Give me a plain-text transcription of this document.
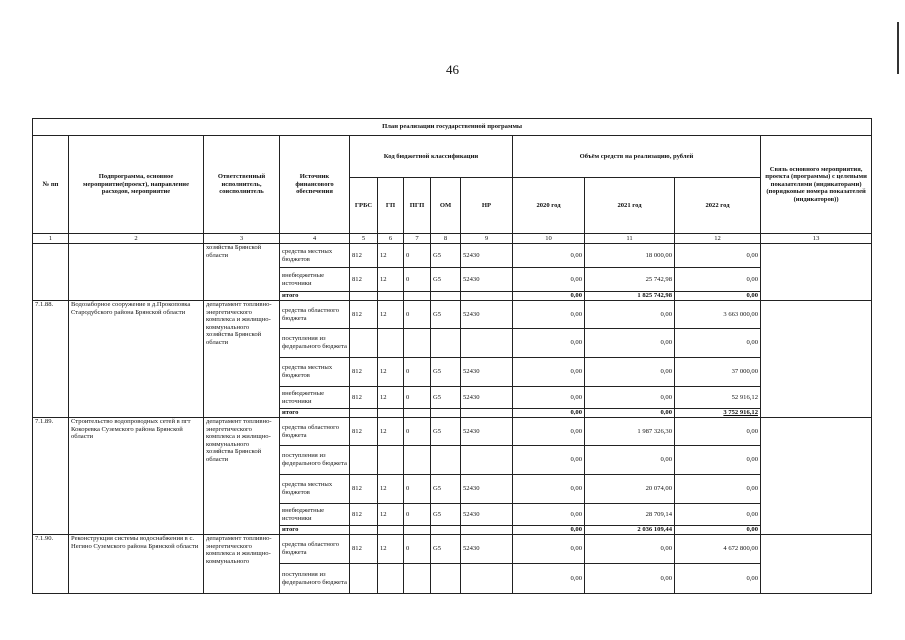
46
План реализации государственной программы												
№ пп	Подпрограмма, основное мероприятие(проект), направление расходов, мероприятие	Ответственный исполнитель, соисполнитель	Источник финансового обеспечения	Код бюджетной классификации					Объём средств на реализацию, рублей			Связь основного мероприятия, проекта (программы) с целевыми показателями (индикаторами) (порядковые номера показателей (индикаторов))
				ГРБС	ГП	ПГП	ОМ	НР	2020 год	2021 год	2022 год	
1	2	3	4	5	6	7	8	9	10	11	12	13
		хозяйства Брянской области	средства местных бюджетов	812	12	0	G5	52430	0,00	18 000,00	0,00	
			внебюджетные источники	812	12	0	G5	52430	0,00	25 742,98	0,00	
			итого						0,00	1 825 742,98	0,00	
7.1.88.	Водозаборное сооружение в д.Прокоповка Стародубского района Брянской области	департамент топливно-энергетического комплекса и жилищно-коммунального хозяйства Брянской области	средства областного бюджета	812	12	0	G5	52430	0,00	0,00	3 663 000,00	
			поступления из федерального бюджета						0,00	0,00	0,00	
			средства местных бюджетов	812	12	0	G5	52430	0,00	0,00	37 000,00	
			внебюджетные источники	812	12	0	G5	52430	0,00	0,00	52 916,12	
			итого						0,00	0,00	3 752 916,12	
7.1.89.	Строительство водопроводных сетей в пгт Кокоревка Суземского района Брянской области	департамент топливно-энергетического комплекса и жилищно-коммунального хозяйства Брянской области	средства областного бюджета	812	12	0	G5	52430	0,00	1 987 326,30	0,00	
			поступления из федерального бюджета						0,00	0,00	0,00	
			средства местных бюджетов	812	12	0	G5	52430	0,00	20 074,00	0,00	
			внебюджетные источники	812	12	0	G5	52430	0,00	28 709,14	0,00	
			итого						0,00	2 036 109,44	0,00	
7.1.90.	Реконструкция системы водоснабжения в с. Негино Суземского района Брянской области	департамент топливно-энергетического комплекса и жилищно-коммунального	средства областного бюджета	812	12	0	G5	52430	0,00	0,00	4 672 800,00	
			поступления из федерального бюджета						0,00	0,00	0,00	
